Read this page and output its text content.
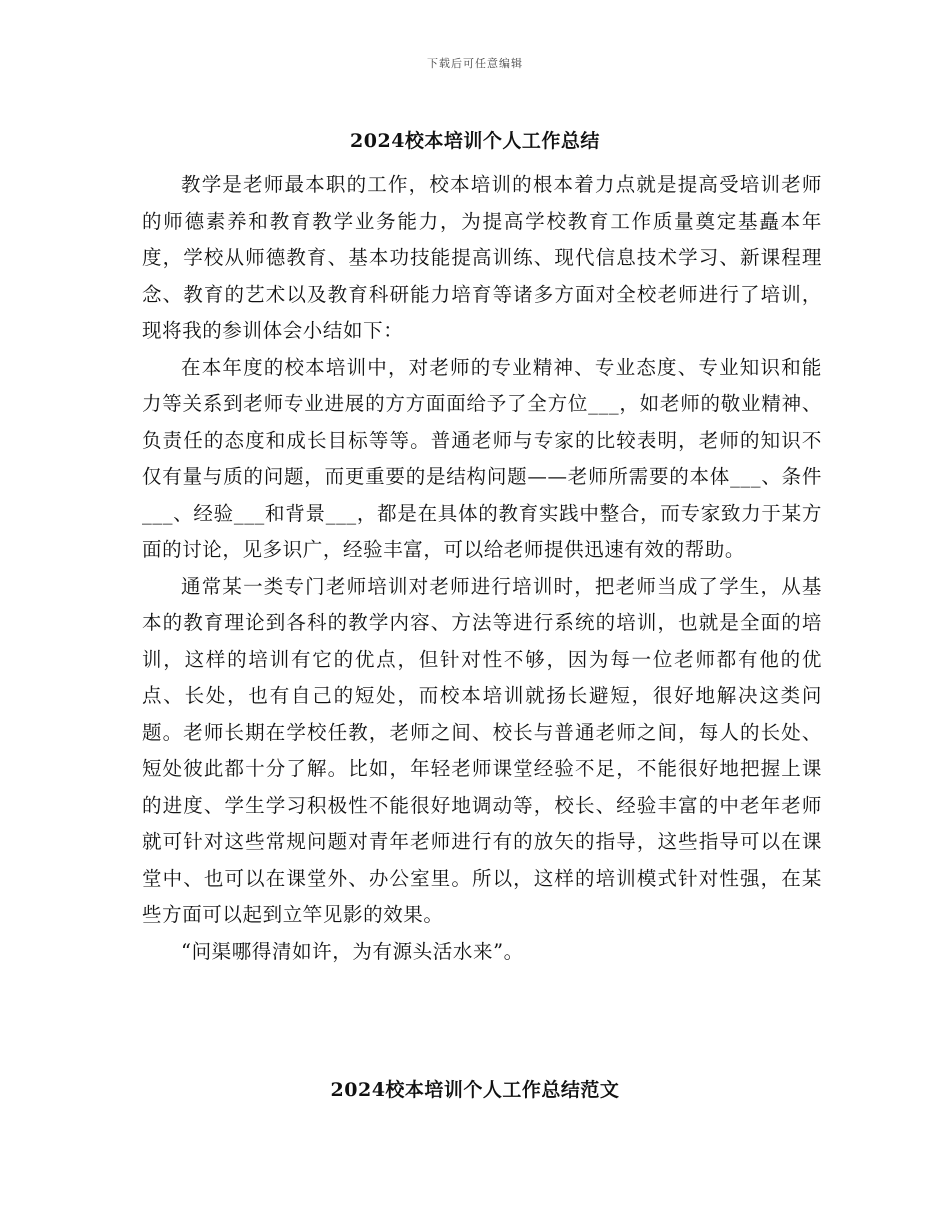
下载后可任意编辑
2024校本培训个人工作总结

教学是老师最本职的工作，校本培训的根本着力点就是提高受培训老师的师德素养和教育教学业务能力，为提高学校教育工作质量奠定基矗本年度，学校从师德教育、基本功技能提高训练、现代信息技术学习、新课程理念、教育的艺术以及教育科研能力培育等诸多方面对全校老师进行了培训，现将我的参训体会小结如下：

在本年度的校本培训中，对老师的专业精神、专业态度、专业知识和能力等关系到老师专业进展的方方面面给予了全方位___，如老师的敬业精神、负责任的态度和成长目标等等。普通老师与专家的比较表明，老师的知识不仅有量与质的问题，而更重要的是结构问题——老师所需要的本体___、条件___、经验___和背景___，都是在具体的教育实践中整合，而专家致力于某方面的讨论，见多识广，经验丰富，可以给老师提供迅速有效的帮助。

通常某一类专门老师培训对老师进行培训时，把老师当成了学生，从基本的教育理论到各科的教学内容、方法等进行系统的培训，也就是全面的培训，这样的培训有它的优点，但针对性不够，因为每一位老师都有他的优点、长处，也有自己的短处，而校本培训就扬长避短，很好地解决这类问题。老师长期在学校任教，老师之间、校长与普通老师之间，每人的长处、短处彼此都十分了解。比如，年轻老师课堂经验不足，不能很好地把握上课的进度、学生学习积极性不能很好地调动等，校长、经验丰富的中老年老师就可针对这些常规问题对青年老师进行有的放矢的指导，这些指导可以在课堂中、也可以在课堂外、办公室里。所以，这样的培训模式针对性强，在某些方面可以起到立竿见影的效果。

“问渠哪得清如许，为有源头活水来”。

2024校本培训个人工作总结范文
